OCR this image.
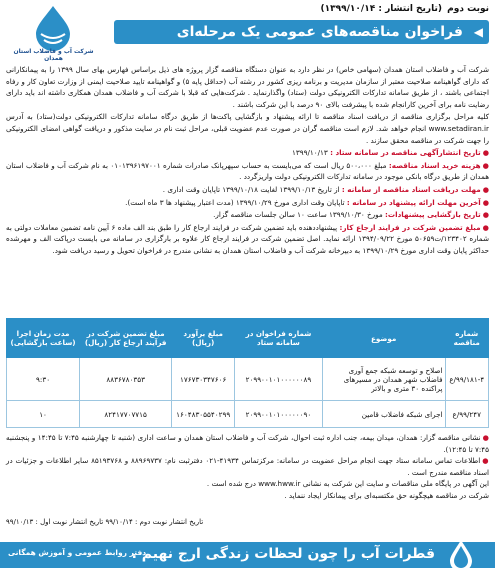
نوبت دوم (تاریخ انتشار : ۱۳۹۹/۱۰/۱۴)
◀ فراخوان مناقصه‌های عمومی یک مرحله‌ای
شرکت آب و فاضلاب استان همدان

شرکت آب و فاضلاب استان همدان (سهامی خاص) در نظر دارد به عنوان دستگاه مناقصه گزار پروژه های ذیل براساس فهارس بهای سال ۱۳۹۹ را به پیمانکارانی که دارای گواهینامه صلاحیت معتبر از سازمان مدیریت و برنامه ریزی کشور در رشته آب (حداقل پایه ۵) و گواهینامه تایید صلاحیت ایمنی از وزارت تعاون کار و رفاه اجتماعی باشند ، از طریق سامانه تدارکات الکترونیکی دولت (ستاد) واگذارنماید . شرکت‌هایی که قبلا با شرکت آب و فاضلاب همدان همکاری داشته اند باید دارای رضایت نامه برای آخرین کارانجام شده با پیشرفت بالای ۹۰ درصد با این شرکت باشند .

کلیه مراحل برگزاری مناقصه از دریافت اسناد مناقصه تا ارائه پیشنهاد و بازگشایی پاکت‌ها از طریق درگاه سامانه تدارکات الکترونیکی دولت(ستاد) به آدرس www.setadiran.ir انجام خواهد شد. لازم است مناقصه گران در صورت عدم عضویت قبلی، مراحل ثبت نام در سایت مذکور و دریافت گواهی امضای الکترونیکی را جهت شرکت در مناقصه محقق سازند .

●تاریخ انتشارآگهی مناقصه در سامانه ستاد : ۱۳۹۹/۱۰/۱۳

●هزینه خرید اسناد مناقصه: مبلغ ۵۰۰،۰۰۰ ریال است که می‌بایست به حساب سپهرپانک صادرات شماره ۰۱۰۱۳۹۶۱۹۷۰۰۱ به نام شرکت آب و فاضلاب استان همدان از طریق درگاه بانکی موجود در سامانه تدارکات الکترونیکی دولت واریزگردد .

●مهلت دریافت اسناد مناقصه از سامانه : از تاریخ ۱۳۹۹/۱۰/۱۳ لغایت ۱۳۹۹/۱۰/۱۸ تاپایان وقت اداری .

●آخرین مهلت ارائه پیشنهاد در سامانه : تاپایان وقت اداری مورخ ۱۳۹۹/۱۰/۲۹ (مدت اعتبار پیشنهاد ها ۳ ماه است).

●تاریخ بازگشایی پیشنهادات: مورخ ۱۳۹۹/۱۰/۳۰ ساعت ۱۰ سالن جلسات مناقصه گزار.

●مبلغ تضمین شرکت در فرایند ارجاع کار: پیشنهاددهنده باید تضمین شرکت در فرایند ارجاع کار را طبق بند الف ماده ۶ آیین نامه تضمین معاملات دولتی به شماره ۱۲۳۴۰۲/ت۵۰۶۵۹ مورخ ۱۳۹۴/۰۹/۲۲ ارائه نماید. اصل تضمین شرکت در فرایند ارجاع کار علاوه بر بارگزاری در سامانه می بایست درپاکت الف و مهرشده حداکثر پایان وقت اداری مورخ ۱۳۹۹/۱۰/۲۹ به دبیرخانه شرکت آب و فاضلاب استان همدان به نشانی مندرج در فراخوان تحویل و رسید دریافت شود.

شماره مناقصه	موضوع	شماره فراخوان در سامانه ستاد	مبلغ برآورد (ریال)	مبلغ تضمین شرکت در فرآیند ارجاع کار (ریال)	مدت زمان اجرا (ساعت بازگشایی)
۹۹/۱۸۱-۴/ع	اصلاح و توسعه شبکه جمع آوری فاضلاب شهر همدان در مسیرهای پراکنده ۳۰ متری و بالاتر	۲۰۹۹۰۰۱۰۱۰۰۰۰۰۰۸۹	۱۷۶۷۳۰۳۴۷۶۰۶	۸۸۳۶۷۸۰۳۵۳	۹:۳۰
۹۹/۲۴۷/ع	اجرای شبکه فاضلاب قامین	۲۰۹۹۰۰۱۰۱۰۰۰۰۰۰۹۰	۱۶۰۴۸۳۰۵۵۴۰۲۹۹	۸۲۴۱۷۷۰۷۷۱۵	۱۰

●نشانی مناقصه گزار: همدان، میدان بیمه، جنب اداره ثبت احوال، شرکت آب و فاضلاب استان همدان و ساعت اداری (شنبه تا چهارشنبه ۷:۴۵ تا ۱۴:۴۵ و پنجشنبه ۷:۴۵ تا ۱۲:۴۵).

●اطلاعات تماس سامانه ستاد جهت انجام مراحل عضویت در سامانه: مرکزتماس ۴۱۹۳۴-۰۲۱ دفترثبت نام: ۸۸۹۶۹۷۳۷ و ۸۵۱۹۳۷۶۸ سایر اطلاعات و جزئیات در اسناد مناقصه مندرج است .

این آگهی در پایگاه ملی مناقصات و سایت این شرکت به نشانی www.hww.ir درج شده است .

شرکت در مناقصه هیچگونه حق مکتسبه‌ای برای پیمانکار ایجاد ننماید .

تاریخ انتشار نوبت دوم : ۹۹/۱۰/۱۴ تاریخ انتشار نوبت اول : ۹۹/۱۰/۱۳
قطرات آب را چون لحظات زندگی ارج نهیم .
دفتر روابط عمومی و آموزش همگانی
